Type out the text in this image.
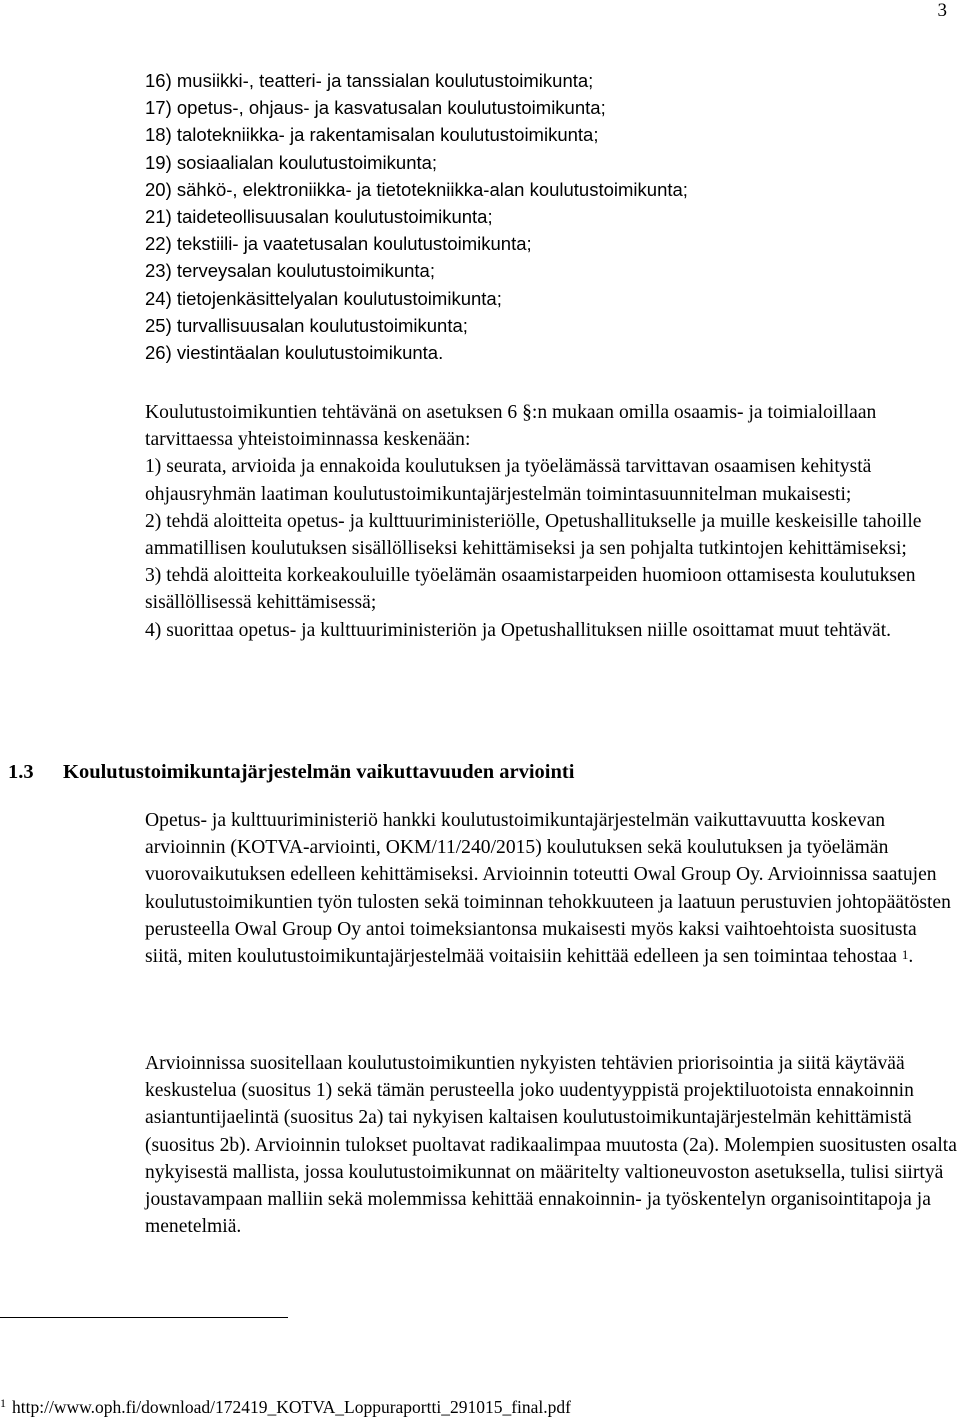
3
16) musiikki-, teatteri- ja tanssialan koulutustoimikunta;
17) opetus-, ohjaus- ja kasvatusalan koulutustoimikunta;
18) talotekniikka- ja rakentamisalan koulutustoimikunta;
19) sosiaalialan koulutustoimikunta;
20) sähkö-, elektroniikka- ja tietotekniikka-alan koulutustoimikunta;
21) taideteollisuusalan koulutustoimikunta;
22) tekstiili- ja vaatetusalan koulutustoimikunta;
23) terveysalan koulutustoimikunta;
24) tietojenkäsittelyalan koulutustoimikunta;
25) turvallisuusalan koulutustoimikunta;
26) viestintäalan koulutustoimikunta.

Koulutustoimikuntien tehtävänä on asetuksen 6 §:n mukaan omilla osaamis- ja toimialoillaan tarvittaessa yhteistoiminnassa keskenään:

1) seurata, arvioida ja ennakoida koulutuksen ja työelämässä tarvittavan osaamisen kehitystä ohjausryhmän laatiman koulutustoimikuntajärjestelmän toimintasuunnitelman mukaisesti;

2) tehdä aloitteita opetus- ja kulttuuriministeriölle, Opetushallitukselle ja muille keskeisille tahoille ammatillisen koulutuksen sisällölliseksi kehittämiseksi ja sen pohjalta tutkintojen kehittämiseksi;

3) tehdä aloitteita korkeakouluille työelämän osaamistarpeiden huomioon ottamisesta koulutuksen sisällöllisessä kehittämisessä;

4) suorittaa opetus- ja kulttuuriministeriön ja Opetushallituksen niille osoittamat muut tehtävät.

1.3 Koulutustoimikuntajärjestelmän vaikuttavuuden arviointi

Opetus- ja kulttuuriministeriö hankki koulutustoimikuntajärjestelmän vaikuttavuutta koskevan arvioinnin (KOTVA-arviointi, OKM/11/240/2015) koulutuksen sekä koulutuksen ja työelämän vuorovaikutuksen edelleen kehittämiseksi. Arvioinnin toteutti Owal Group Oy. Arvioinnissa saatujen koulutustoimikuntien työn tulosten sekä toiminnan tehokkuuteen ja laatuun perustuvien johtopäätösten perusteella Owal Group Oy antoi toimeksiantonsa mukaisesti myös kaksi vaihtoehtoista suositusta siitä, miten koulutustoimikuntajärjestelmää voitaisiin kehittää edelleen ja sen toimintaa tehostaa $^1$.

Arvioinnissa suositellaan koulutustoimikuntien nykyisten tehtävien priorisointia ja siitä käytävää keskustelua (suositus 1) sekä tämän perusteella joko uudentyyppistä projektiluotoista ennakoinnin asiantuntijaelintä (suositus 2a) tai nykyisen kaltaisen koulutustoimikuntajärjestelmän kehittämistä (suositus 2b). Arvioinnin tulokset puoltavat radikaalimpaa muutosta (2a). Molempien suositusten osalta nykyisestä mallista, jossa koulutustoimikunnat on määritelty valtioneuvoston asetuksella, tulisi siirtyä joustavampaan malliin sekä molemmissa kehittää ennakoinnin- ja työskentelyn organisointitapoja ja menetelmiä.

$^1$ http://www.oph.fi/download/172419_KOTVA_Loppuraportti_291015_final.pdf
